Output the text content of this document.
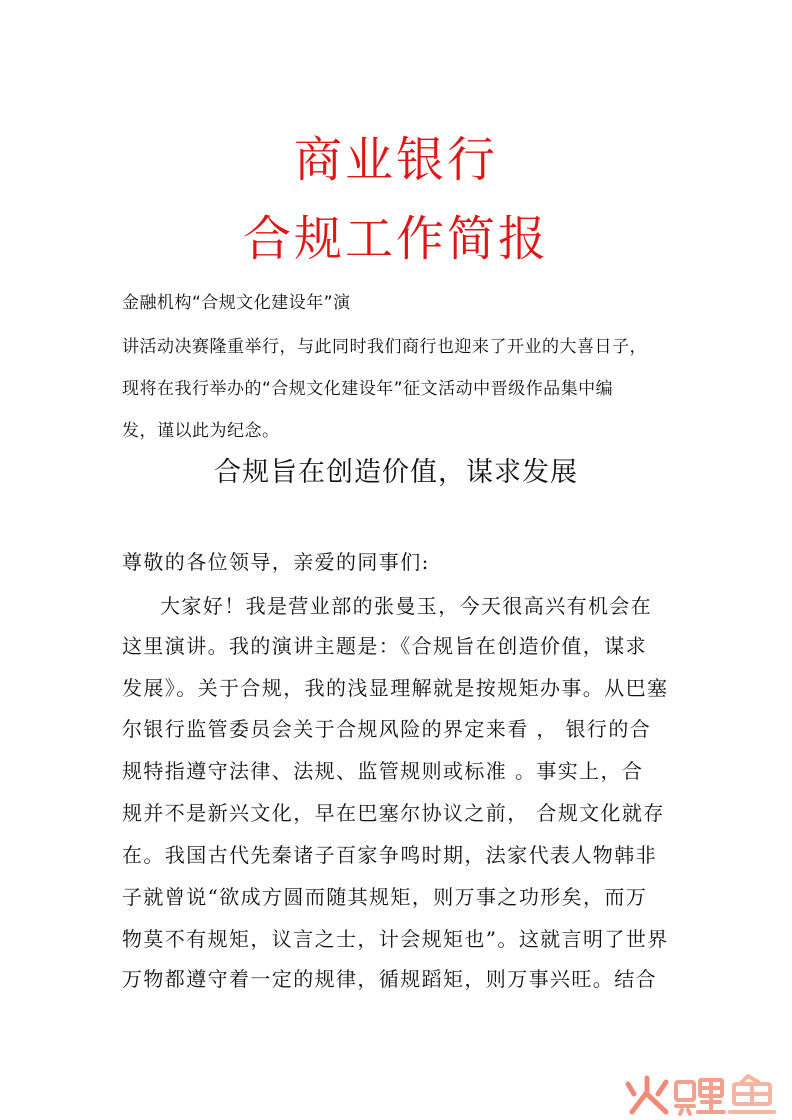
商业银行
合规工作简报

金融机构“合规文化建设年”演

讲活动决赛隆重举行，与此同时我们商行也迎来了开业的大喜日子，

现将在我行举办的“合规文化建设年”征文活动中晋级作品集中编

发，谨以此为纪念。

合规旨在创造价值，谋求发展

尊敬的各位领导，亲爱的同事们:

大家好！我是营业部的张曼玉，今天很高兴有机会在

这里演讲。我的演讲主题是：《合规旨在创造价值，谋求

发展》。关于合规，我的浅显理解就是按规矩办事。从巴塞

尔银行监管委员会关于合规风险的界定来看 ， 银行的合

规特指遵守法律、法规、监管规则或标准 。事实上，合

规并不是新兴文化，早在巴塞尔协议之前， 合规文化就存

在。我国古代先秦诸子百家争鸣时期，法家代表人物韩非

子就曾说“欲成方圆而随其规矩，则万事之功形矣，而万

物莫不有规矩，议言之士，计会规矩也”。这就言明了世界

万物都遵守着一定的规律，循规蹈矩，则万事兴旺。结合
